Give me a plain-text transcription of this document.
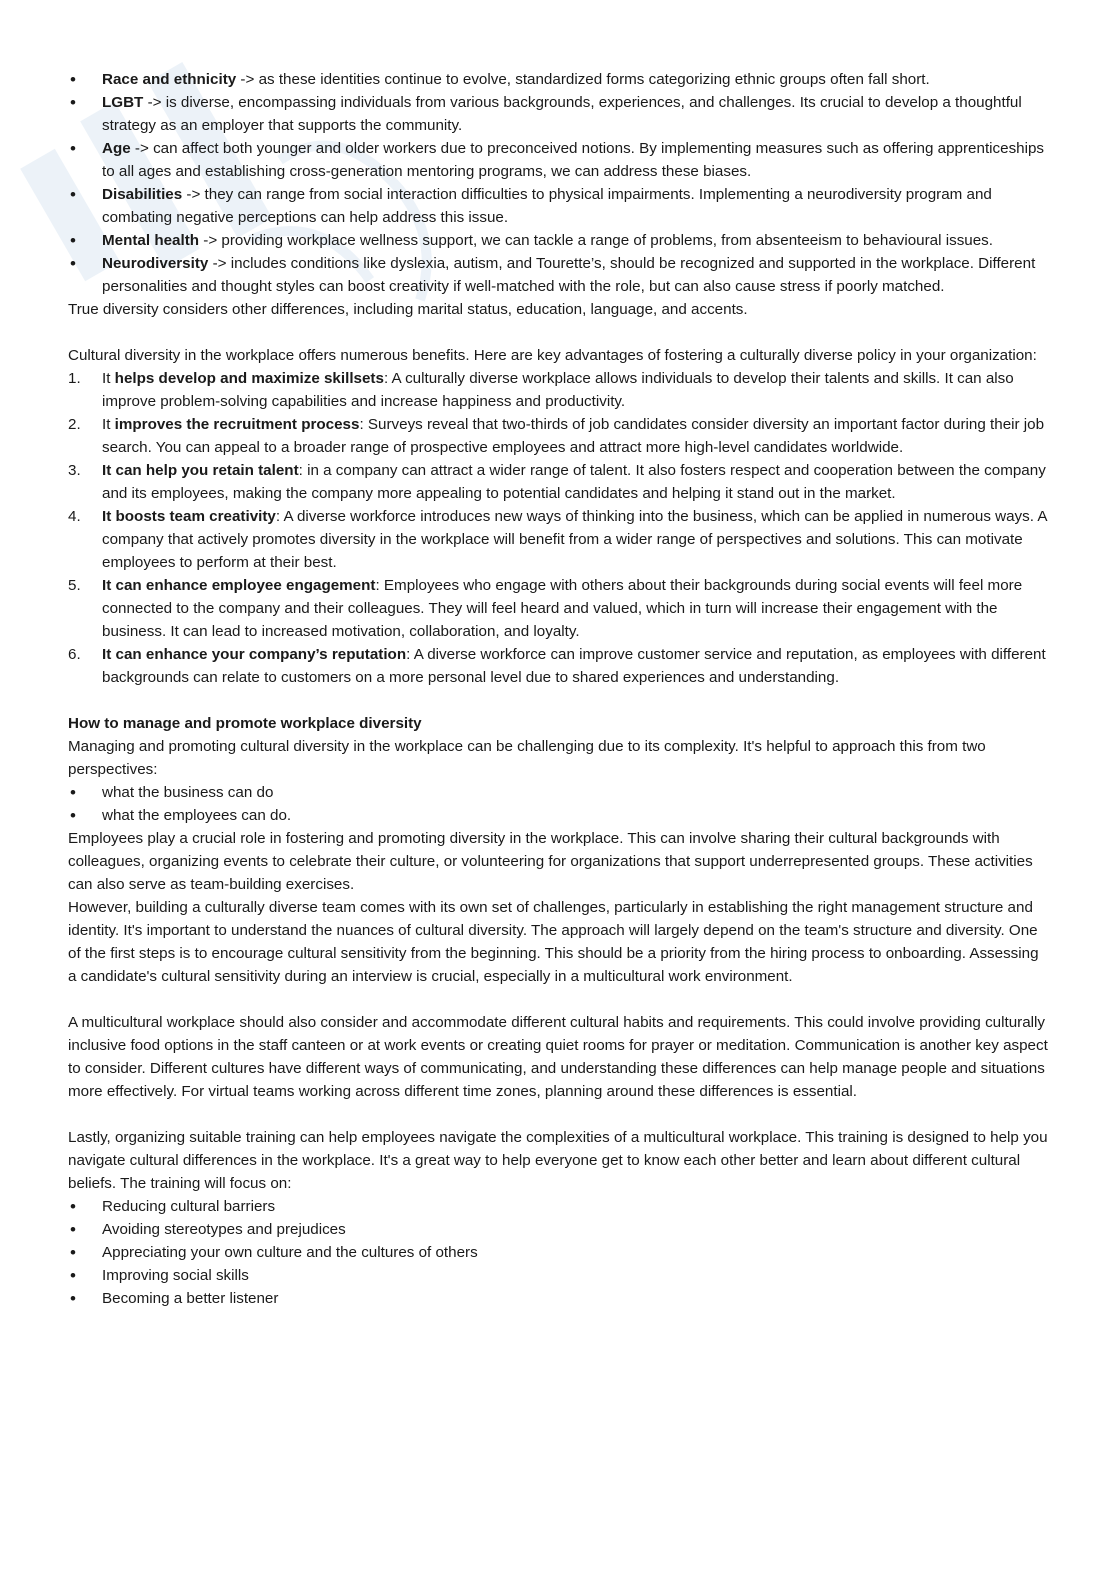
• Race and ethnicity -> as these identities continue to evolve, standardized forms categorizing ethnic groups often fall short.
• LGBT -> is diverse, encompassing individuals from various backgrounds, experiences, and challenges. Its crucial to develop a thoughtful strategy as an employer that supports the community.
• Age -> can affect both younger and older workers due to preconceived notions. By implementing measures such as offering apprenticeships to all ages and establishing cross-generation mentoring programs, we can address these biases.
• Disabilities -> they can range from social interaction difficulties to physical impairments. Implementing a neurodiversity program and combating negative perceptions can help address this issue.
• Mental health -> providing workplace wellness support, we can tackle a range of problems, from absenteeism to behavioural issues.
• Neurodiversity -> includes conditions like dyslexia, autism, and Tourette’s, should be recognized and supported in the workplace. Different personalities and thought styles can boost creativity if well-matched with the role, but can also cause stress if poorly matched.
True diversity considers other differences, including marital status, education, language, and accents.
Cultural diversity in the workplace offers numerous benefits. Here are key advantages of fostering a culturally diverse policy in your organization:
1. It helps develop and maximize skillsets: A culturally diverse workplace allows individuals to develop their talents and skills. It can also improve problem-solving capabilities and increase happiness and productivity.
2. It improves the recruitment process: Surveys reveal that two-thirds of job candidates consider diversity an important factor during their job search. You can appeal to a broader range of prospective employees and attract more high-level candidates worldwide.
3. It can help you retain talent: in a company can attract a wider range of talent. It also fosters respect and cooperation between the company and its employees, making the company more appealing to potential candidates and helping it stand out in the market.
4. It boosts team creativity: A diverse workforce introduces new ways of thinking into the business, which can be applied in numerous ways. A company that actively promotes diversity in the workplace will benefit from a wider range of perspectives and solutions. This can motivate employees to perform at their best.
5. It can enhance employee engagement: Employees who engage with others about their backgrounds during social events will feel more connected to the company and their colleagues. They will feel heard and valued, which in turn will increase their engagement with the business. It can lead to increased motivation, collaboration, and loyalty.
6. It can enhance your company’s reputation: A diverse workforce can improve customer service and reputation, as employees with different backgrounds can relate to customers on a more personal level due to shared experiences and understanding.
How to manage and promote workplace diversity
Managing and promoting cultural diversity in the workplace can be challenging due to its complexity. It's helpful to approach this from two perspectives:
• what the business can do
• what the employees can do.
Employees play a crucial role in fostering and promoting diversity in the workplace. This can involve sharing their cultural backgrounds with colleagues, organizing events to celebrate their culture, or volunteering for organizations that support underrepresented groups. These activities can also serve as team-building exercises.
However, building a culturally diverse team comes with its own set of challenges, particularly in establishing the right management structure and identity. It's important to understand the nuances of cultural diversity. The approach will largely depend on the team's structure and diversity. One of the first steps is to encourage cultural sensitivity from the beginning. This should be a priority from the hiring process to onboarding. Assessing a candidate's cultural sensitivity during an interview is crucial, especially in a multicultural work environment.
A multicultural workplace should also consider and accommodate different cultural habits and requirements. This could involve providing culturally inclusive food options in the staff canteen or at work events or creating quiet rooms for prayer or meditation. Communication is another key aspect to consider. Different cultures have different ways of communicating, and understanding these differences can help manage people and situations more effectively. For virtual teams working across different time zones, planning around these differences is essential.
Lastly, organizing suitable training can help employees navigate the complexities of a multicultural workplace. This training is designed to help you navigate cultural differences in the workplace. It's a great way to help everyone get to know each other better and learn about different cultural beliefs. The training will focus on:
• Reducing cultural barriers
• Avoiding stereotypes and prejudices
• Appreciating your own culture and the cultures of others
• Improving social skills
• Becoming a better listener
